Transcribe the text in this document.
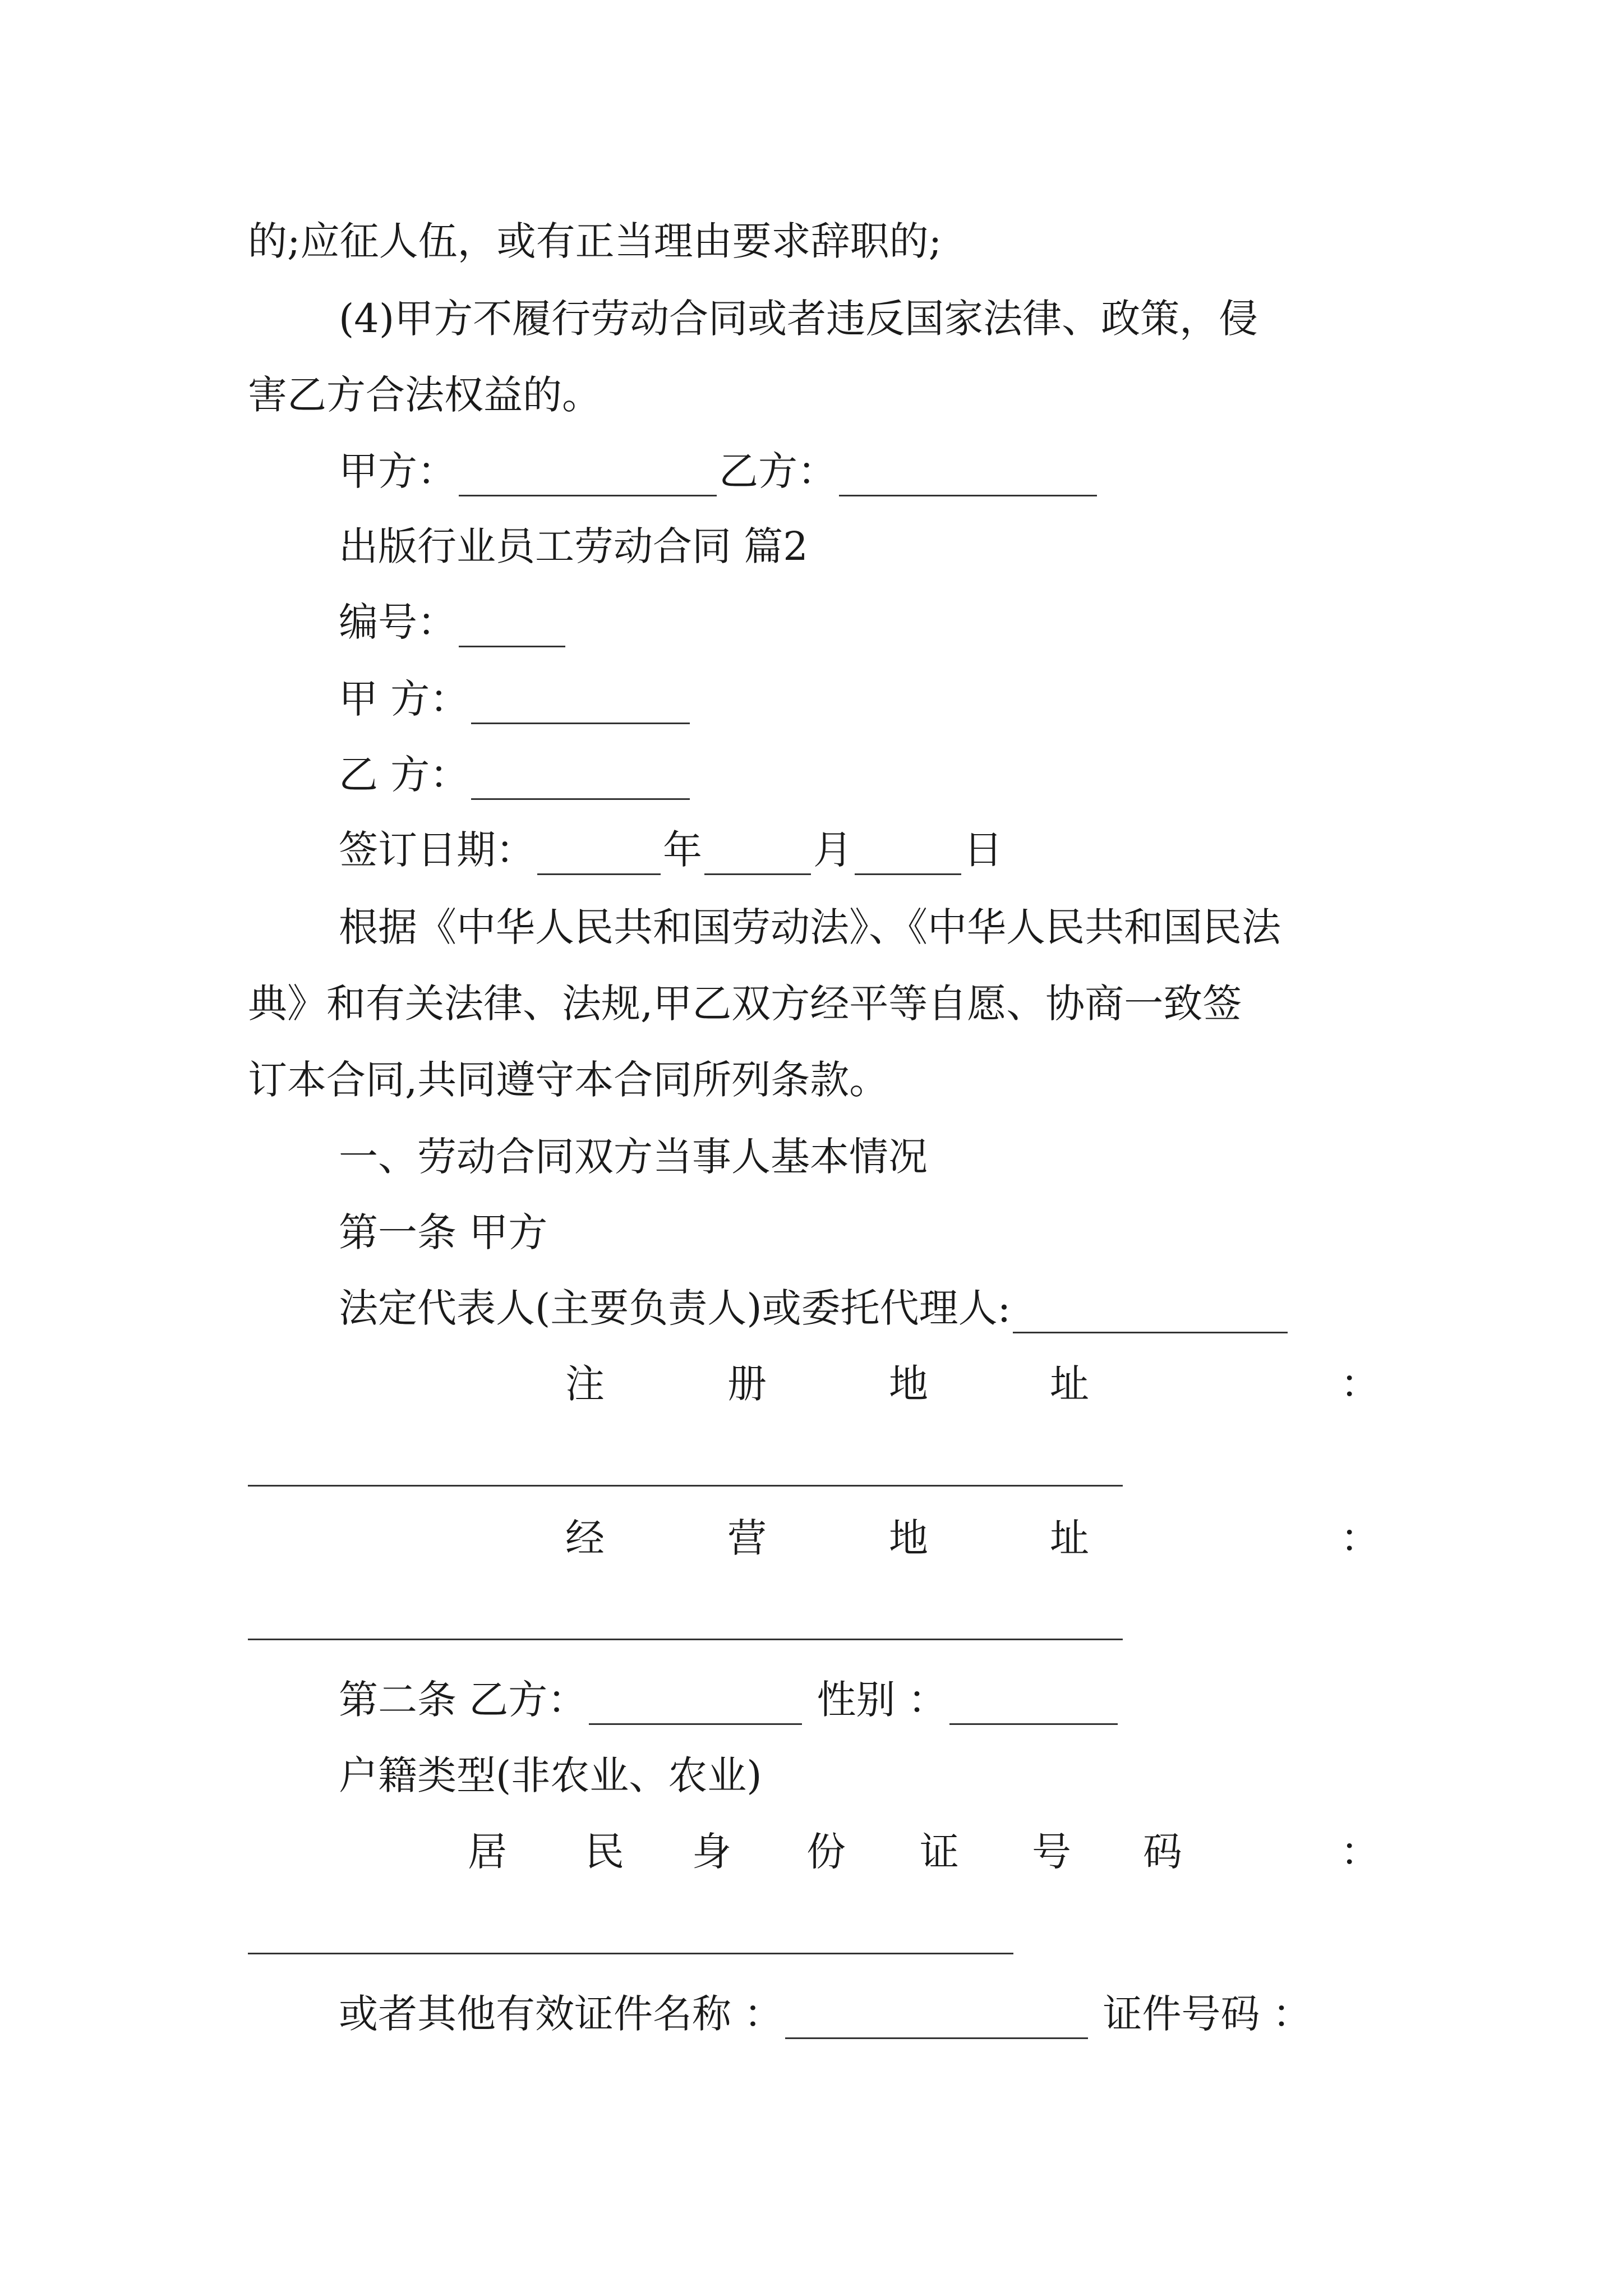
的;应征人伍，或有正当理由要求辞职的;
(4)甲方不履行劳动合同或者违反国家法律、政策，侵
害乙方合法权益的。
甲方：	乙方：
出版行业员工劳动合同 篇2
编号：
甲 方：
乙 方：
签订日期：	年	月	日
根据《中华人民共和国劳动法》、《中华人民共和国民法
典》和有关法律、法规,甲乙双方经平等自愿、协商一致签
订本合同,共同遵守本合同所列条款。
一、劳动合同双方当事人基本情况
第一条 甲方
法定代表人(主要负责人)或委托代理人:
注	册	地	址	：
经	营	地	址	：
第二条 乙方：	性别 ：
户籍类型(非农业、农业)
居 民 身 份 证 号 码	：
或者其他有效证件名称 ：	证件号码 ：
